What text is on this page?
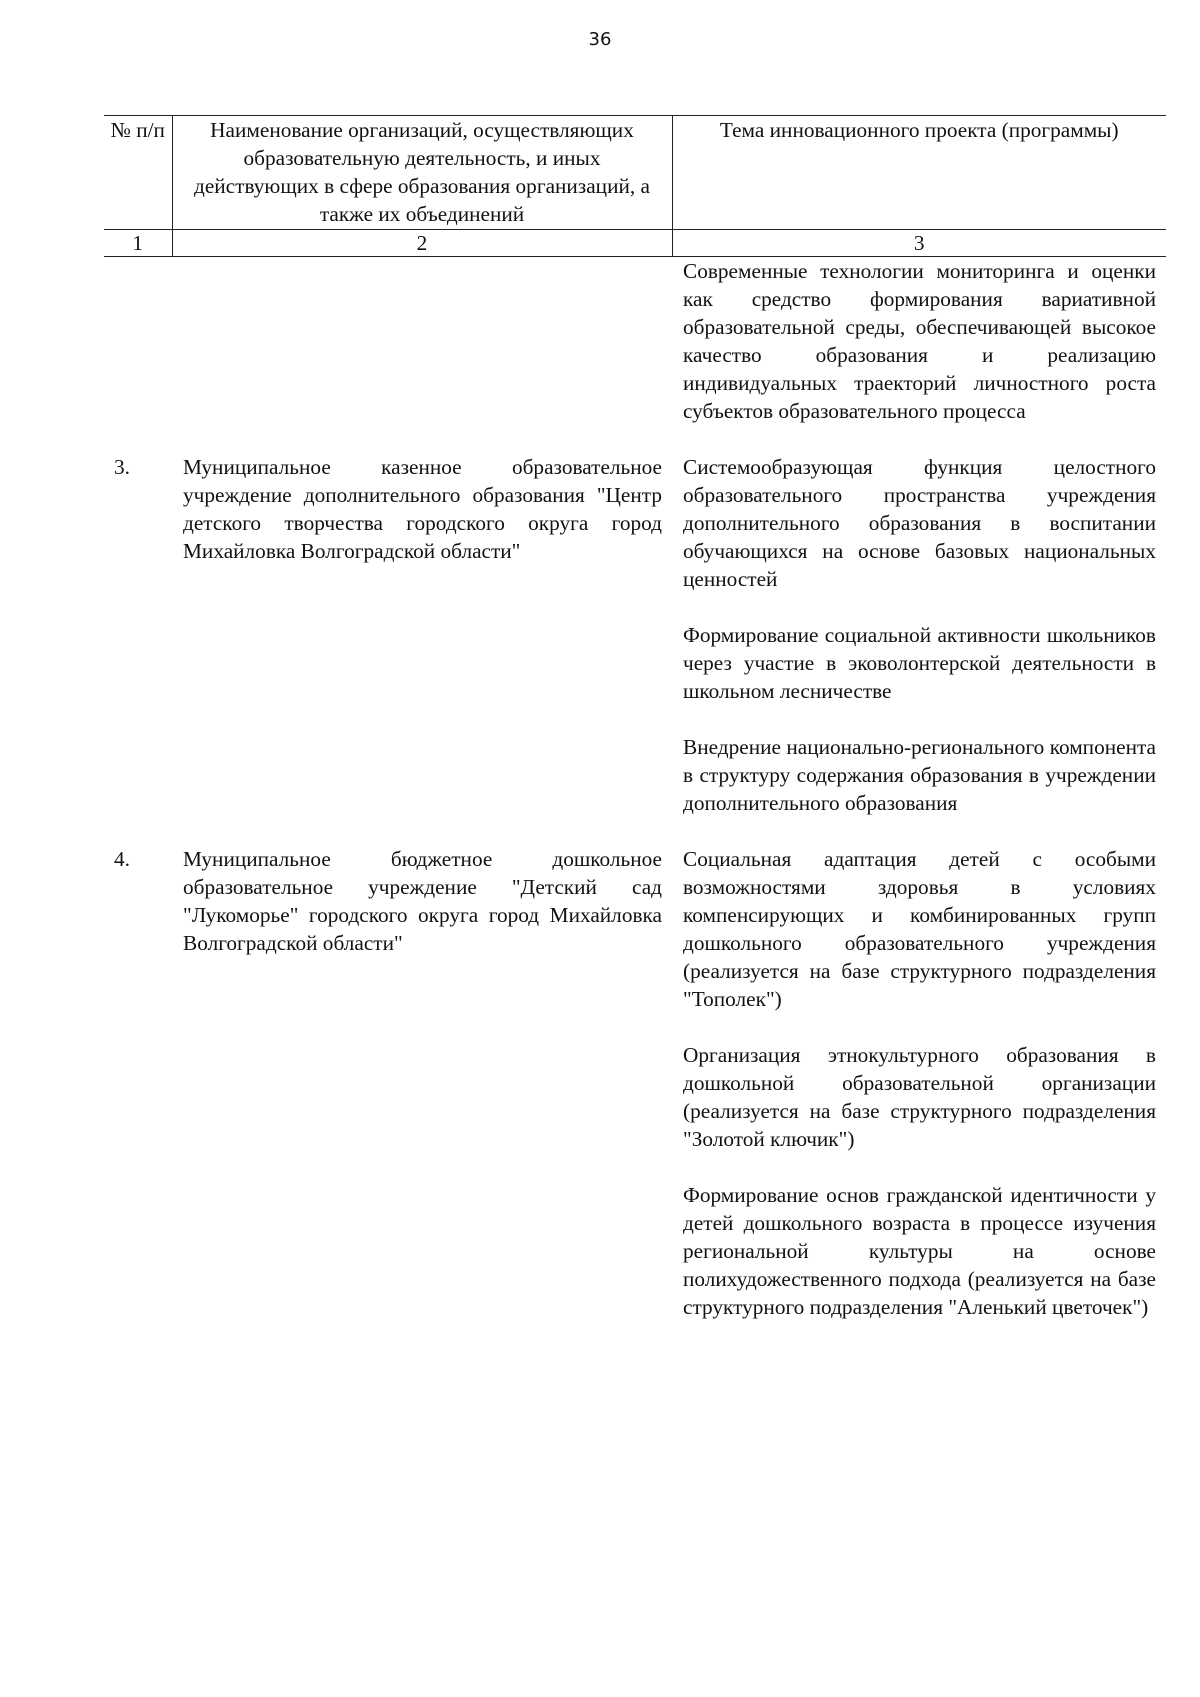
36
№ п/п	Наименование организаций, осуществляющих образовательную деятельность, и иных действующих в сфере образования организаций, а также их объединений	Тема инновационного проекта (программы)
1	2	3

		Современные технологии мониторинга и оценки как средство формирования вариативной образовательной среды, обеспечивающей высокое качество образования и реализацию индивидуальных траекторий личностного роста субъектов образовательного процесса

3.	Муниципальное казенное образовательное учреждение дополнительного образования "Центр детского творчества городского округа город Михайловка Волгоградской области"	Системообразующая функция целостного образовательного пространства учреждения дополнительного образования в воспитании обучающихся на основе базовых национальных ценностей

Формирование социальной активности школьников через участие в эковолонтерской деятельности в школьном лесничестве

Внедрение национально-регионального компонента в структуру содержания образования в учреждении дополнительного образования

4.	Муниципальное бюджетное дошкольное образовательное учреждение "Детский сад "Лукоморье" городского округа город Михайловка Волгоградской области"	Социальная адаптация детей с особыми возможностями здоровья в условиях компенсирующих и комбинированных групп дошкольного образовательного учреждения (реализуется на базе структурного подразделения "Тополек")

Организация этнокультурного образования в дошкольной образовательной организации (реализуется на базе структурного подразделения "Золотой ключик")

Формирование основ гражданской идентичности у детей дошкольного возраста в процессе изучения региональной культуры на основе полихудожественного подхода (реализуется на базе структурного подразделения "Аленький цветочек")
